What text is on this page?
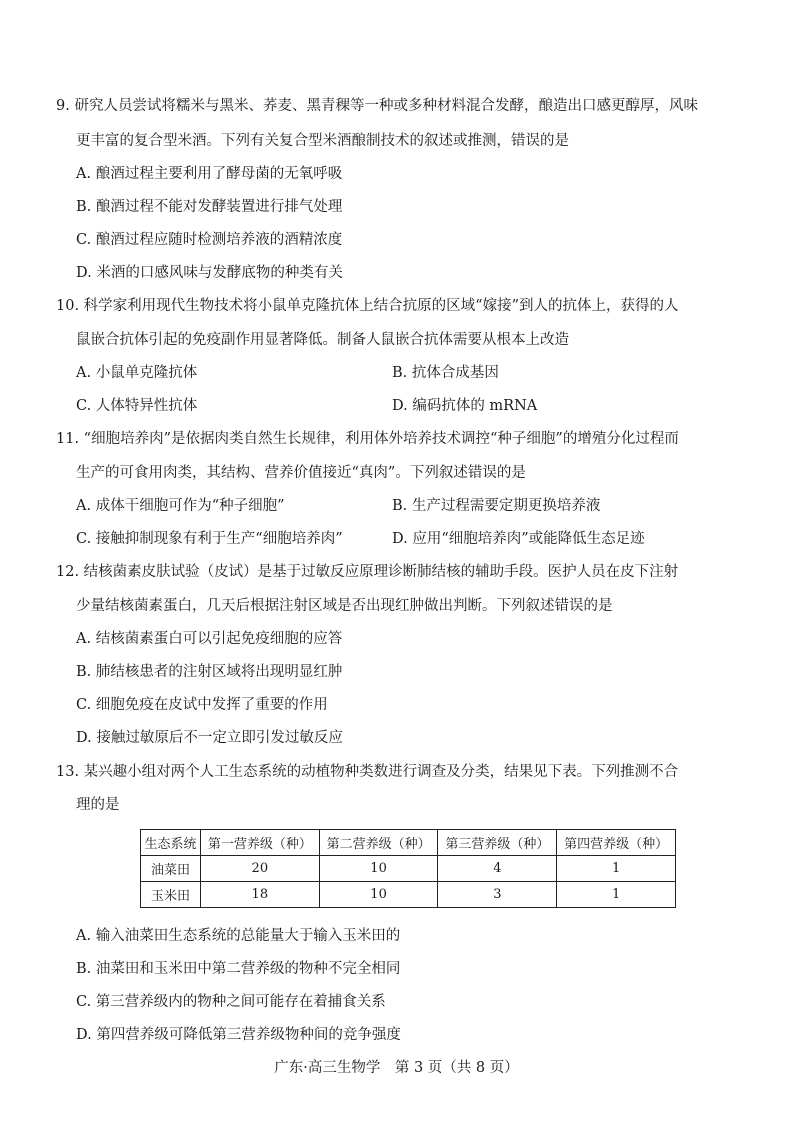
9. 研究人员尝试将糯米与黑米、荞麦、黑青稞等一种或多种材料混合发酵，酿造出口感更醇厚，风味
更丰富的复合型米酒。下列有关复合型米酒酿制技术的叙述或推测，错误的是
A. 酿酒过程主要利用了酵母菌的无氧呼吸
B. 酿酒过程不能对发酵装置进行排气处理
C. 酿酒过程应随时检测培养液的酒精浓度
D. 米酒的口感风味与发酵底物的种类有关
10. 科学家利用现代生物技术将小鼠单克隆抗体上结合抗原的区域“嫁接”到人的抗体上，获得的人
鼠嵌合抗体引起的免疫副作用显著降低。制备人鼠嵌合抗体需要从根本上改造
A. 小鼠单克隆抗体	B. 抗体合成基因
C. 人体特异性抗体	D. 编码抗体的 mRNA
11. “细胞培养肉”是依据肉类自然生长规律，利用体外培养技术调控“种子细胞”的增殖分化过程而
生产的可食用肉类，其结构、营养价值接近“真肉”。下列叙述错误的是
A. 成体干细胞可作为“种子细胞”	B. 生产过程需要定期更换培养液
C. 接触抑制现象有利于生产“细胞培养肉”	D. 应用“细胞培养肉”或能降低生态足迹
12. 结核菌素皮肤试验（皮试）是基于过敏反应原理诊断肺结核的辅助手段。医护人员在皮下注射
少量结核菌素蛋白，几天后根据注射区域是否出现红肿做出判断。下列叙述错误的是
A. 结核菌素蛋白可以引起免疫细胞的应答
B. 肺结核患者的注射区域将出现明显红肿
C. 细胞免疫在皮试中发挥了重要的作用
D. 接触过敏原后不一定立即引发过敏反应
13. 某兴趣小组对两个人工生态系统的动植物种类数进行调查及分类，结果见下表。下列推测不合
理的是
生态系统	第一营养级（种）	第二营养级（种）	第三营养级（种）	第四营养级（种）
油菜田	20	10	4	1
玉米田	18	10	3	1
A. 输入油菜田生态系统的总能量大于输入玉米田的
B. 油菜田和玉米田中第二营养级的物种不完全相同
C. 第三营养级内的物种之间可能存在着捕食关系
D. 第四营养级可降低第三营养级物种间的竞争强度
广东·高三生物学　第 3 页（共 8 页）
